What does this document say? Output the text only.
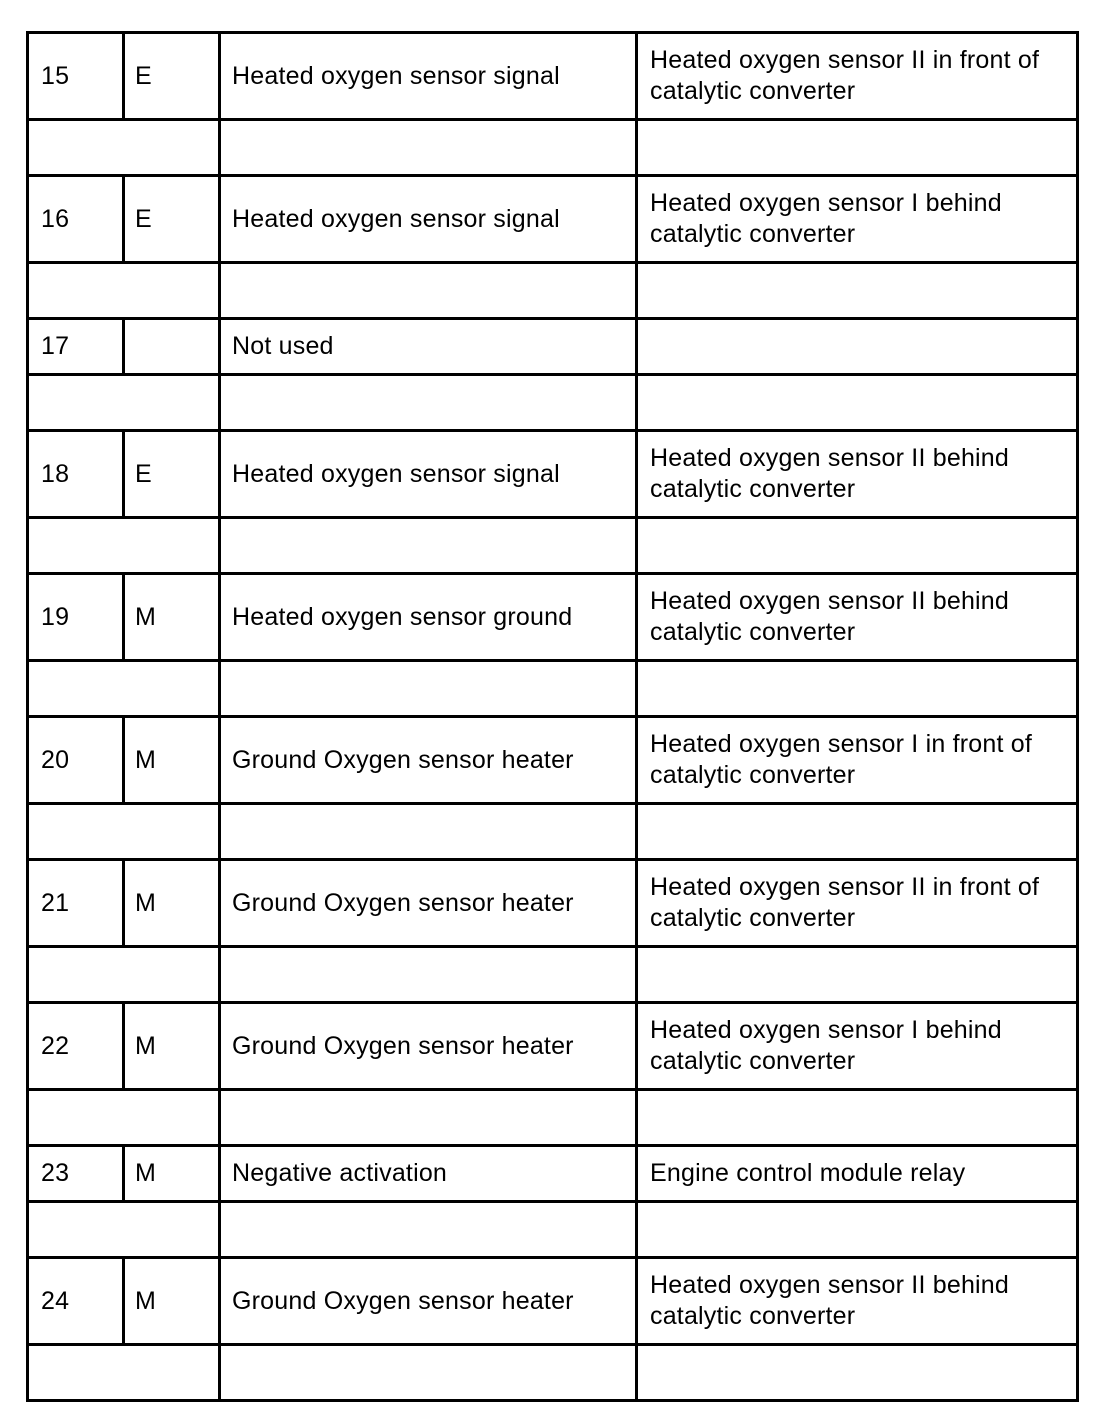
15	E	Heated oxygen sensor signal	Heated oxygen sensor II in front of catalytic converter

16	E	Heated oxygen sensor signal	Heated oxygen sensor I behind catalytic converter

17		Not used	

18	E	Heated oxygen sensor signal	Heated oxygen sensor II behind catalytic converter

19	M	Heated oxygen sensor ground	Heated oxygen sensor II behind catalytic converter

20	M	Ground Oxygen sensor heater	Heated oxygen sensor I in front of catalytic converter

21	M	Ground Oxygen sensor heater	Heated oxygen sensor II in front of catalytic converter

22	M	Ground Oxygen sensor heater	Heated oxygen sensor I behind catalytic converter

23	M	Negative activation	Engine control module relay

24	M	Ground Oxygen sensor heater	Heated oxygen sensor II behind catalytic converter
